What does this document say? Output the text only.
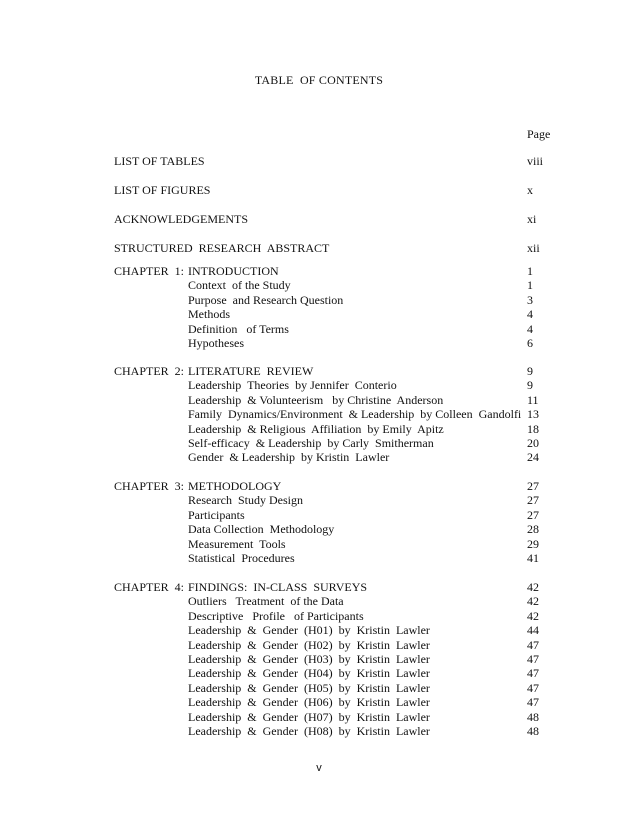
TABLE  OF CONTENTS
Page
LIST OF TABLES	viii
LIST OF FIGURES	x
ACKNOWLEDGEMENTS	xi
STRUCTURED  RESEARCH  ABSTRACT	xii
CHAPTER  1: INTRODUCTION	1
Context  of the Study	1
Purpose  and Research Question	3
Methods	4
Definition   of Terms	4
Hypotheses	6
CHAPTER  2: LITERATURE  REVIEW	9
Leadership  Theories  by Jennifer  Conterio	9
Leadership  & Volunteerism   by Christine  Anderson	11
Family  Dynamics/Environment  & Leadership  by Colleen  Gandolfi 13
Leadership  & Religious  Affiliation  by Emily  Apitz	18
Self-efficacy  & Leadership  by Carly  Smitherman	20
Gender  & Leadership  by Kristin  Lawler	24
CHAPTER  3: METHODOLOGY	27
Research  Study Design	27
Participants	27
Data Collection  Methodology	28
Measurement  Tools	29
Statistical  Procedures	41
CHAPTER  4: FINDINGS:  IN-CLASS  SURVEYS	42
Outliers   Treatment  of the Data	42
Descriptive   Profile   of Participants	42
Leadership  &  Gender  (H01)  by  Kristin  Lawler	44
Leadership  &  Gender  (H02)  by  Kristin  Lawler	47
Leadership  &  Gender  (H03)  by  Kristin  Lawler	47
Leadership  &  Gender  (H04)  by  Kristin  Lawler	47
Leadership  &  Gender  (H05)  by  Kristin  Lawler	47
Leadership  &  Gender  (H06)  by  Kristin  Lawler	47
Leadership  &  Gender  (H07)  by  Kristin  Lawler	48
Leadership  &  Gender  (H08)  by  Kristin  Lawler	48
v
